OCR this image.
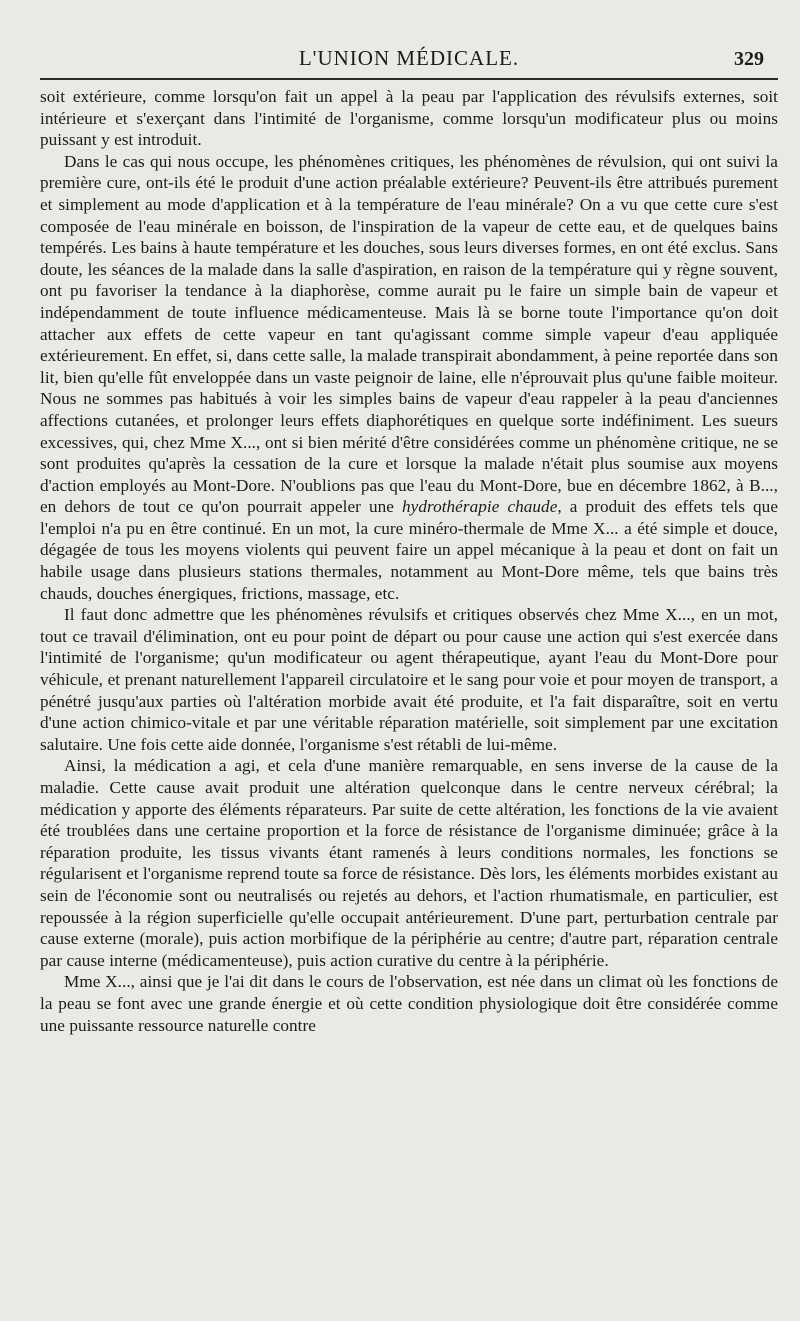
L'UNION MÉDICALE.	329

soit extérieure, comme lorsqu'on fait un appel à la peau par l'application des révulsifs externes, soit intérieure et s'exerçant dans l'intimité de l'organisme, comme lorsqu'un modificateur plus ou moins puissant y est introduit.

Dans le cas qui nous occupe, les phénomènes critiques, les phénomènes de révulsion, qui ont suivi la première cure, ont-ils été le produit d'une action préalable extérieure? Peuvent-ils être attribués purement et simplement au mode d'application et à la température de l'eau minérale? On a vu que cette cure s'est composée de l'eau minérale en boisson, de l'inspiration de la vapeur de cette eau, et de quelques bains tempérés. Les bains à haute température et les douches, sous leurs diverses formes, en ont été exclus. Sans doute, les séances de la malade dans la salle d'aspiration, en raison de la température qui y règne souvent, ont pu favoriser la tendance à la diaphorèse, comme aurait pu le faire un simple bain de vapeur et indépendamment de toute influence médicamenteuse. Mais là se borne toute l'importance qu'on doit attacher aux effets de cette vapeur en tant qu'agissant comme simple vapeur d'eau appliquée extérieurement. En effet, si, dans cette salle, la malade transpirait abondamment, à peine reportée dans son lit, bien qu'elle fût enveloppée dans un vaste peignoir de laine, elle n'éprouvait plus qu'une faible moiteur. Nous ne sommes pas habitués à voir les simples bains de vapeur d'eau rappeler à la peau d'anciennes affections cutanées, et prolonger leurs effets diaphorétiques en quelque sorte indéfiniment. Les sueurs excessives, qui, chez Mme X..., ont si bien mérité d'être considérées comme un phénomène critique, ne se sont produites qu'après la cessation de la cure et lorsque la malade n'était plus soumise aux moyens d'action employés au Mont-Dore. N'oublions pas que l'eau du Mont-Dore, bue en décembre 1862, à B..., en dehors de tout ce qu'on pourrait appeler une hydrothérapie chaude, a produit des effets tels que l'emploi n'a pu en être continué. En un mot, la cure minéro-thermale de Mme X... a été simple et douce, dégagée de tous les moyens violents qui peuvent faire un appel mécanique à la peau et dont on fait un habile usage dans plusieurs stations thermales, notamment au Mont-Dore même, tels que bains très chauds, douches énergiques, frictions, massage, etc.

Il faut donc admettre que les phénomènes révulsifs et critiques observés chez Mme X..., en un mot, tout ce travail d'élimination, ont eu pour point de départ ou pour cause une action qui s'est exercée dans l'intimité de l'organisme; qu'un modificateur ou agent thérapeutique, ayant l'eau du Mont-Dore pour véhicule, et prenant naturellement l'appareil circulatoire et le sang pour voie et pour moyen de transport, a pénétré jusqu'aux parties où l'altération morbide avait été produite, et l'a fait disparaître, soit en vertu d'une action chimico-vitale et par une véritable réparation matérielle, soit simplement par une excitation salutaire. Une fois cette aide donnée, l'organisme s'est rétabli de lui-même.

Ainsi, la médication a agi, et cela d'une manière remarquable, en sens inverse de la cause de la maladie. Cette cause avait produit une altération quelconque dans le centre nerveux cérébral; la médication y apporte des éléments réparateurs. Par suite de cette altération, les fonctions de la vie avaient été troublées dans une certaine proportion et la force de résistance de l'organisme diminuée; grâce à la réparation produite, les tissus vivants étant ramenés à leurs conditions normales, les fonctions se régularisent et l'organisme reprend toute sa force de résistance. Dès lors, les éléments morbides existant au sein de l'économie sont ou neutralisés ou rejetés au dehors, et l'action rhumatismale, en particulier, est repoussée à la région superficielle qu'elle occupait antérieurement. D'une part, perturbation centrale par cause externe (morale), puis action morbifique de la périphérie au centre; d'autre part, réparation centrale par cause interne (médicamenteuse), puis action curative du centre à la périphérie.

Mme X..., ainsi que je l'ai dit dans le cours de l'observation, est née dans un climat où les fonctions de la peau se font avec une grande énergie et où cette condition physiologique doit être considérée comme une puissante ressource naturelle contre
